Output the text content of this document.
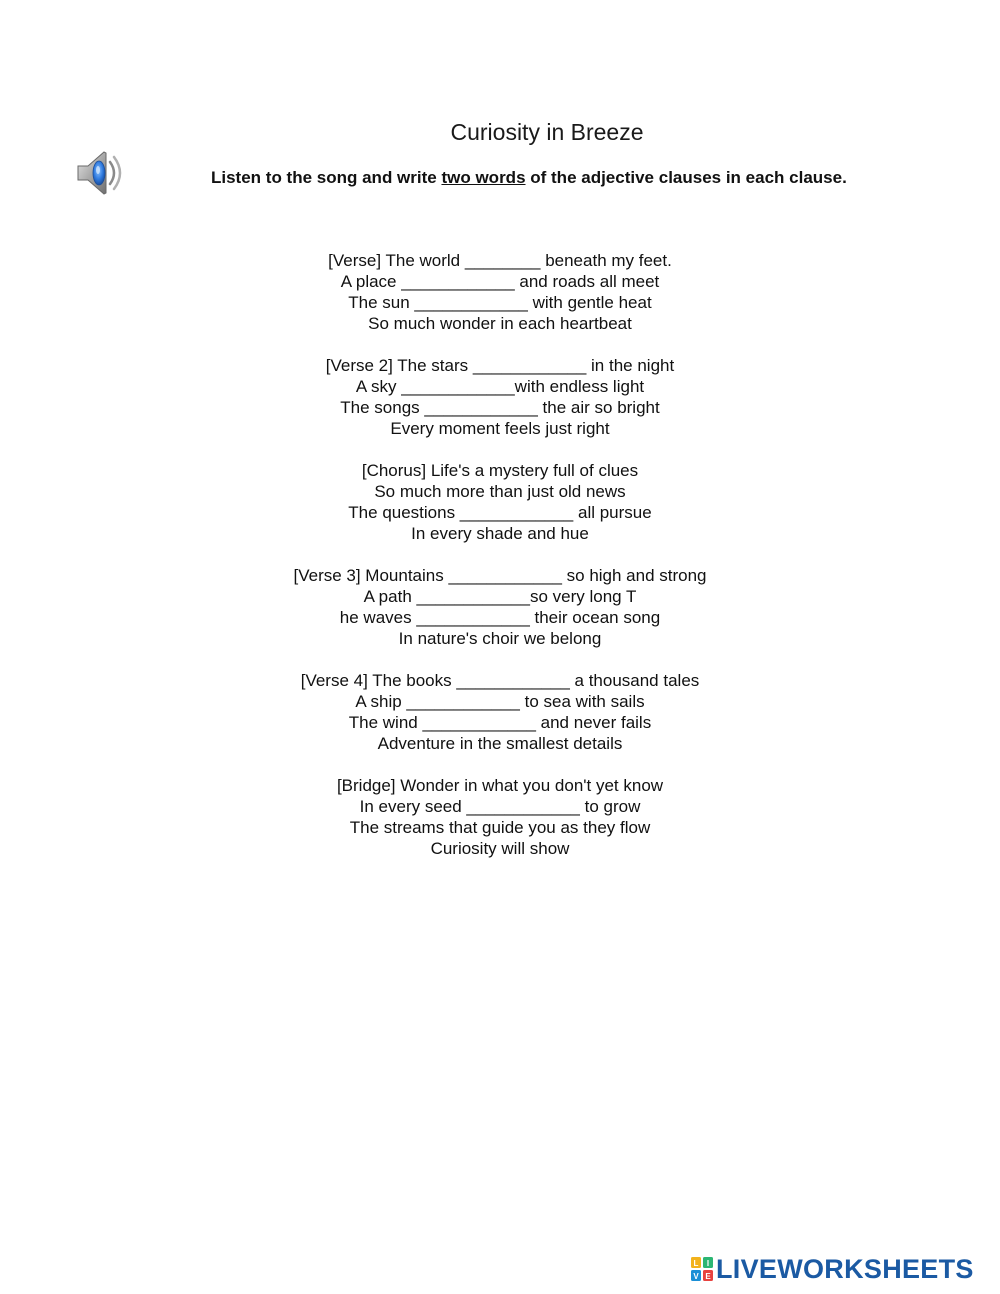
Curiosity in Breeze
Listen to the song and write two words of the adjective clauses in each clause.
[Verse] The world ________ beneath my feet.
A place ____________ and roads all meet
The sun ____________ with gentle heat
So much wonder in each heartbeat
[Verse 2] The stars ____________ in the night
A sky ____________with endless light
The songs ____________ the air so bright
Every moment feels just right
[Chorus] Life's a mystery full of clues
So much more than just old news
The questions ____________ all pursue
In every shade and hue
[Verse 3] Mountains ____________ so high and strong
A path ____________so very long T
he waves ____________ their ocean song
In nature's choir we belong
[Verse 4] The books ____________ a thousand tales
A ship ____________ to sea with sails
The wind ____________ and never fails
Adventure in the smallest details
[Bridge] Wonder in what you don't yet know
In every seed ____________ to grow
The streams that guide you as they flow
Curiosity will show
L I
V E LIVEWORKSHEETS
